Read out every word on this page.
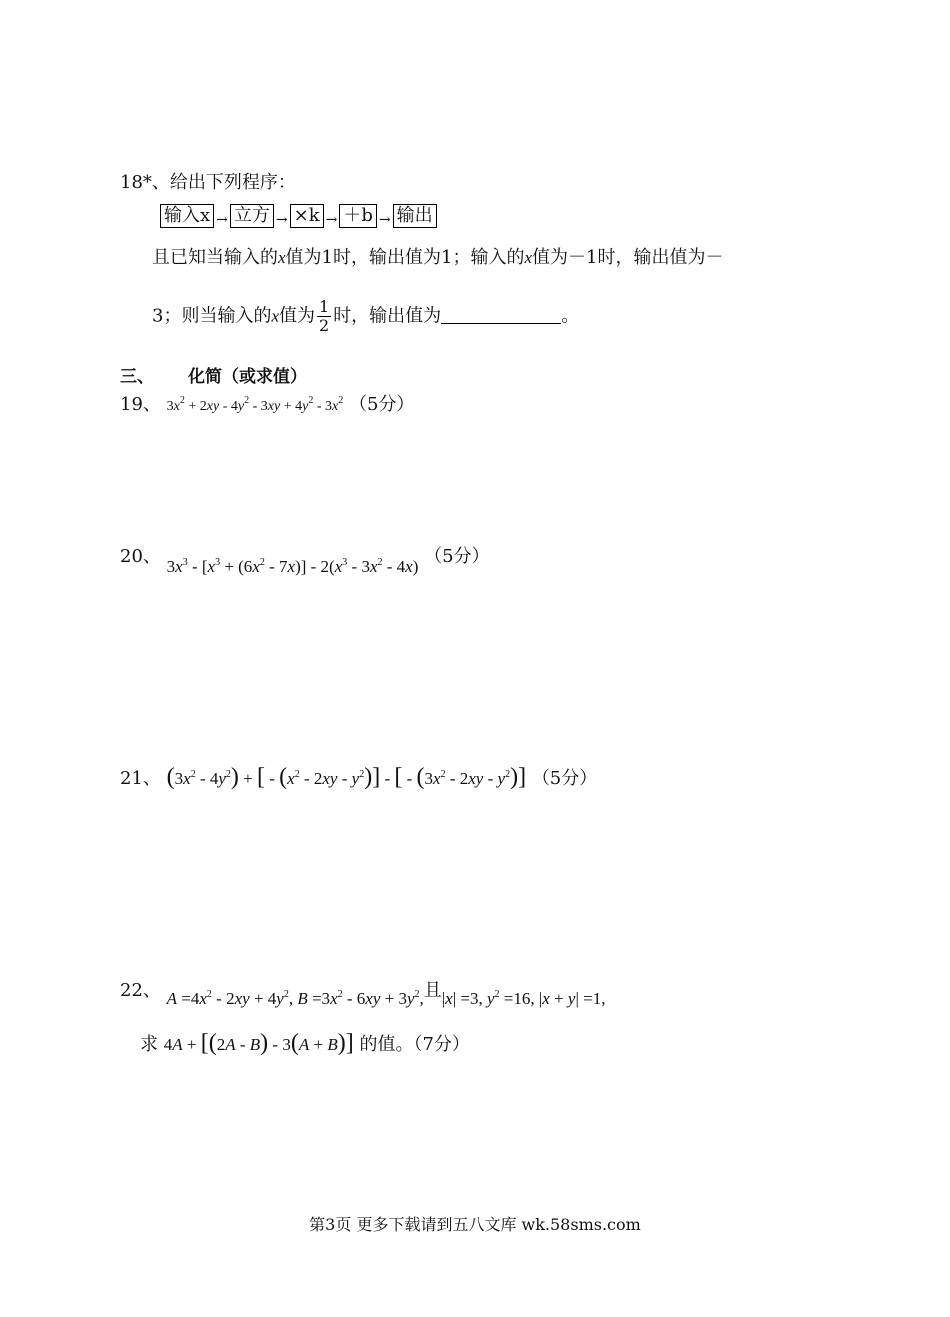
18*、给出下列程序：
输入x → 立方 → ×k → ＋b → 输出
且已知当输入的x值为1时，输出值为1；输入的x值为－1时，输出值为－
3；则当输入的x值为 $\frac{1}{2}$ 时，输出值为	。
三、 化简（或求值）
19、 $3x^2 + 2xy - 4y^2 - 3xy + 4y^2 - 3x^2$ （5分）
20、 $3x^3 - [x^3 + (6x^2 - 7x)] - 2(x^3 - 3x^2 - 4x)$ （5分）
21、 $(3x^2 - 4y^2)$ + [ - $(x^2 - 2xy - y^2)$] - [ - $(3x^2 - 2xy - y^2)$] （5分）
22、 $A =4x^2 - 2xy + 4y^2$, $B =3x^2 - 6xy + 3y^2$,且|x| =3, $y^2 =16$, |x + y| =1,
求 4A + [(2A - B) - 3(A + B)] 的值。（7分）
第3页 更多下载请到五八文库 wk.58sms.com
